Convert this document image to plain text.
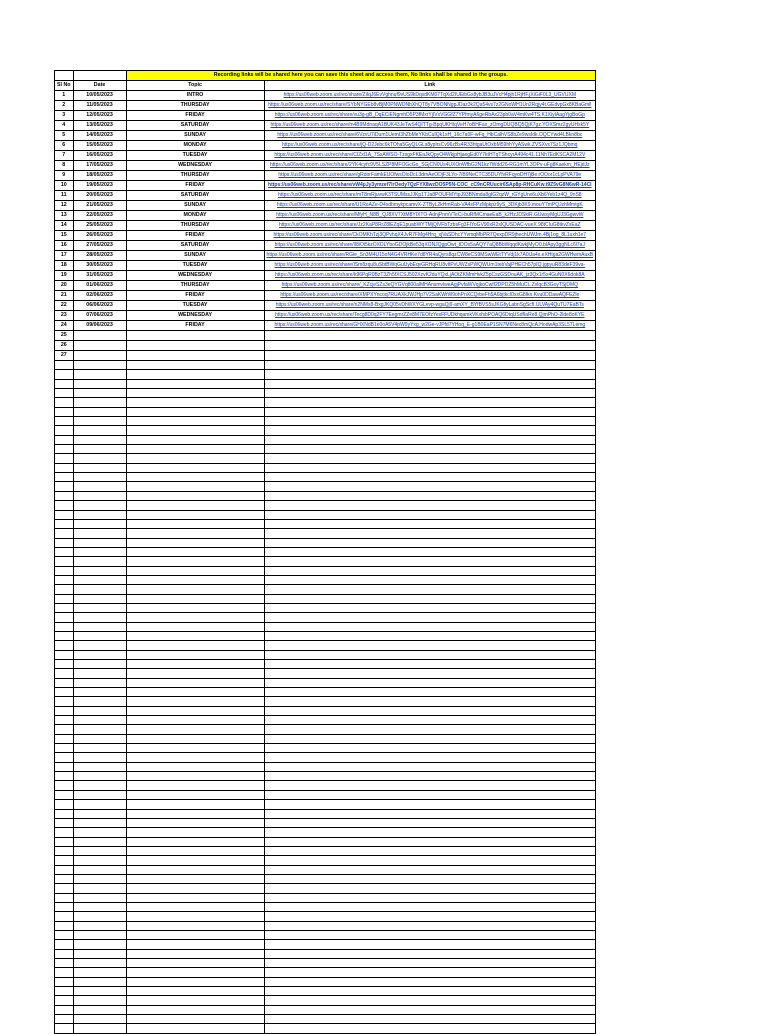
		Recording links will be shared here you can save this sheet and access them, No links shall be shared in the groups.	
Sl No	Date	Topic	Link
1	10/05/2023	INTRO	https://us06web.zoom.us/rec/share/ZiIqJ6EvVghnuf9vUS9kDqxdKM07TqXd2IUEibGx8ybJB3uJVcH4pjh1RjHF.jXiGiF0L3_UGVUXM
2	11/05/2023	THURSDAY	https://us06web.zoom.us/rec/share/SYbNYGEb8vBjM0PNWDNbXhQT8y7VBONNgpJDaz3k2Qa54vs7z2GNoWH1Un2Rqjy4t.GEdvpGx8KBaGmll
3	12/05/2023	FRIDAY	https://us06web.zoom.us/rec/share/vu3g-gB_DqECiENgmhD5P3fMxrYjIVxVGGfZ7YPfmyA6geRbAx23pb0aV4mKw4TS.K1XiyIAagYjgBoGp
4	13/05/2023	SATURDAY	https://us06web.zoom.us/rec/share/m4B9MdnaqA1BUK43JeTwS4QITTg-BpqUKHIqVeH7oBHFax_zOmgDUQBQ5QjK7gz.YOXSmz2gyUHsk5Y
5	14/05/2023	SUNDAY	https://us06web.zoom.us/rec/share/6VzvU7iDum1UemI3hZbMeYKbCuIQk1xH_16c7a0F-wFq_HbCalhVS8bZe9wsIdk.OQCYwd4LBkn8bc
6	15/05/2023	MONDAY	https://us06web.zoom.us/rec/share/jQ-D2Jebc6kTOha5GyQLGLs8yplrsCv96zBs4R33htgaUtOxbM59hhYyASwk.ZVSXvs7Sz1JQbmq
7	16/05/2023	TUESDAY	https://us06web.zoom.us/rec/share/CIZxl1A_7SsAWSO-TzsgxFKEaJkQpyO4WkjpHjaegEd0Y7ktHTqTShcyrA494c41.11Nh7EdKSCA2M12V
8	17/05/2023	WEDNESDAY	https://us06web.zoom.us/rec/share/2YK4cyfc9V5LSZP8MFOGcGo_SGjCN0Us4UXOnWfbG2N1kz7Wdd26-RG1mYL3OPv-uFg8Kaekm_HEjdJz
9	18/05/2023	THURSDAY	https://us06web.zoom.us/rec/share/gRdorFamkEUOfwsOloDcL3dmAeODjF3LYo-7iB9NeCTC35DUYfvRFqyoDH7jBe.rOOor1cLpPVA79e
10	19/05/2023	FRIDAY	https://us06web.zoom.us/rec/share/vW4pJy3ymzef7lrOedy7QzFYX8wzDO5P5N-COC_cC9nCRUucir6SAp8p-RHCuKw.t9Z5vG8N6wR-14Cl
11	20/05/2023	SATURDAY	https://us06web.zoom.us/rec/share/mT8mRjuvwK3TSUMssJJKp1TJa8POUFMYtpJ93BNmda8gIG2qzW_rGYgUnx6uXb6Yeb1z4Q_9nS8
12	21/05/2023	SUNDAY	https://us06web.zoom.us/rec/share/U1RoAZe-D4xdbmykpcamvX-ZTByL2kHmRab-VA4xFPzMpkpz9yS_3DKjb3K9.mouY7mPQJzhMmtgK
13	22/05/2023	MONDAY	https://us06web.zoom.us/rec/share/MfyH_N8B_QJ8XV7XtM8YIXTO-AdnjPnmVTeCi-buRfMCmaeEaB_k2HzJDSkiR.GUwsyMgUJ3GgwvW
14	25/05/2023	THURSDAY	https://us06web.zoom.us/rec/share/Jz2KaP8RrZ8lEZqE1puabWYTMjQlVFbTzbsFg3FIYoGV90xR2sIQUSDAC-vueX.98tCIuG8tkvZxEaZ
15	26/05/2023	FRIDAY	https://us06web.zoom.us/rec/share/CkOMKhTzj3QPvhqX4JvR7FMg4Hrq_xjVaSDhcYYvmqMbPR7QexpDR9jhechUWJm.4Bj1og_8L1uxh1e7
16	27/05/2023	SATURDAY	https://us06web.zoom.us/rec/share/lI8iOi5kzOXDLYboGDOjkBe53qXONJQgpOwt_tDOx5aAQY7aQ8BbWqqdKwkjMyO0.bIApy3ggNLc6l7aJ
17	28/05/2023	SUNDAY	https://us06web.zoom.us/rec/share/RGie_Sn3M4U15oN4G4VRHKe7d8YR4aQyrs8qzCW8eCS9MSwWEtTYVdj1k7A0iJa4x.eXHtga2GWHwmAuxB
18	30/05/2023	TUESDAY	https://us06web.zoom.us/rec/share/ISm8zqu8uSbtBWqGuUybEqvGRHqRU8vItPvUWZsPWQWUm1tebVajPHECh57pIQ.jgpyuR83deF39va-
19	31/05/2023	WEDNESDAY	https://us06web.zoom.us/rec/share/k96PqR0BzT3Zh5fXCSJ502XzvK2duYQxLjAOtZKMmHvkZ5pCszGSDouAK_jz3Qx1r5x4GuN0X6dok8A
20	01/06/2023	THURSDAY	https://us06web.zoom.us/rec/share/_KZcjeSZs3eQYGVq800alMHAnsmvlweAgjPvfaWVqjkoCwfI2DPDZ5hMuCL.ZvlqcB3GoyTSjDMQ
21	02/06/2023	FRIDAY	https://us06web.zoom.us/rec/share/XMPXYncoq7RUAXkJWJHp7V2SaKWrW9ohPnXCQrbeFh5A6bjtkcI0xxG8Ikn.Kvu0DDawAQFEZle
22	06/06/2023	TUESDAY	https://us06web.zoom.us/rec/share/n2NMs8-BxgJKQ05vDhWXYGLevp-wgaQj9-amXY_BYfBVS5sJKGfiyLabnSgScfI.ULVAy4QuTU7EaBTs
23	07/06/2023	WEDNESDAY	https://us06web.zoom.us/rec/share/Tecg8D0q2FY7EegmrZZe8M7EOfzYexFFUDkhqamkVKxfsbPOAQ6DtqUSdfIaRe8.QjmPhO-2lde8oKYE
24	09/06/2023	FRIDAY	https://us06web.zoom.us/rec/share/GHXNdB1e0oA5V4pW9yYxg_w2Ge-vJPfd7YHoq_E-g1B0EaP1SN7M6Nec8mQcA.HodwAp3SL57Lemg
25			
26			
27			
